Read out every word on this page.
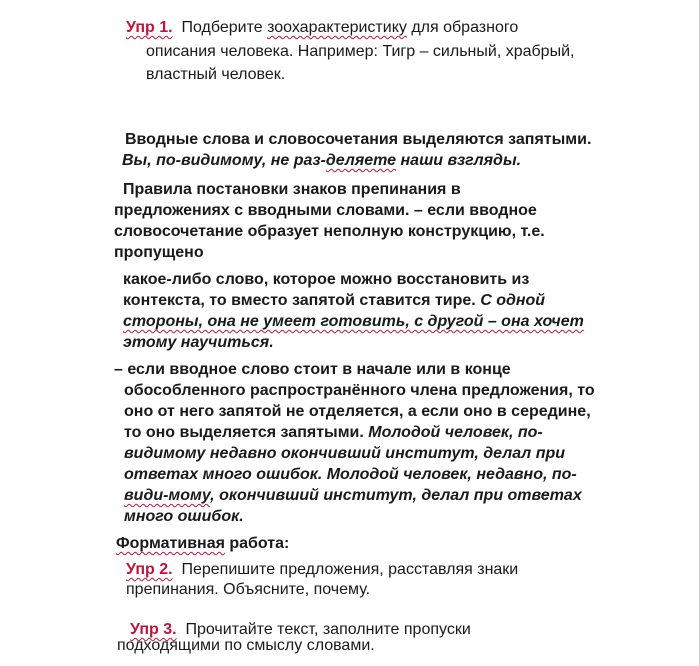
Упр 1. Подберите зоохарактеристику для образного
описания человека. Например: Тигр – сильный, храбрый,
властный человек.
Вводные слова и словосочетания выделяются запятыми.
Вы, по-видимому, не раз-деляете наши взгляды.
Правила постановки знаков препинания в
предложениях с вводными словами. – если вводное
словосочетание образует неполную конструкцию, т.е.
пропущено
какое-либо слово, которое можно восстановить из
контекста, то вместо запятой ставится тире. С одной
стороны, она не умеет готовить, с другой – она хочет
этому научиться.
– если вводное слово стоит в начале или в конце
обособленного распространённого члена предложения, то
оно от него запятой не отделяется, а если оно в середине,
то оно выделяется запятыми. Молодой человек, по-
видимому недавно окончивший институт, делал при
ответах много ошибок. Молодой человек, недавно, по-
види-мому, окончивший институт, делал при ответах
много ошибок.
Формативная работа:
Упр 2. Перепишите предложения, расставляя знаки
препинания. Объясните, почему.
Упр 3. Прочитайте текст, заполните пропуски
подходящими по смыслу словами.
